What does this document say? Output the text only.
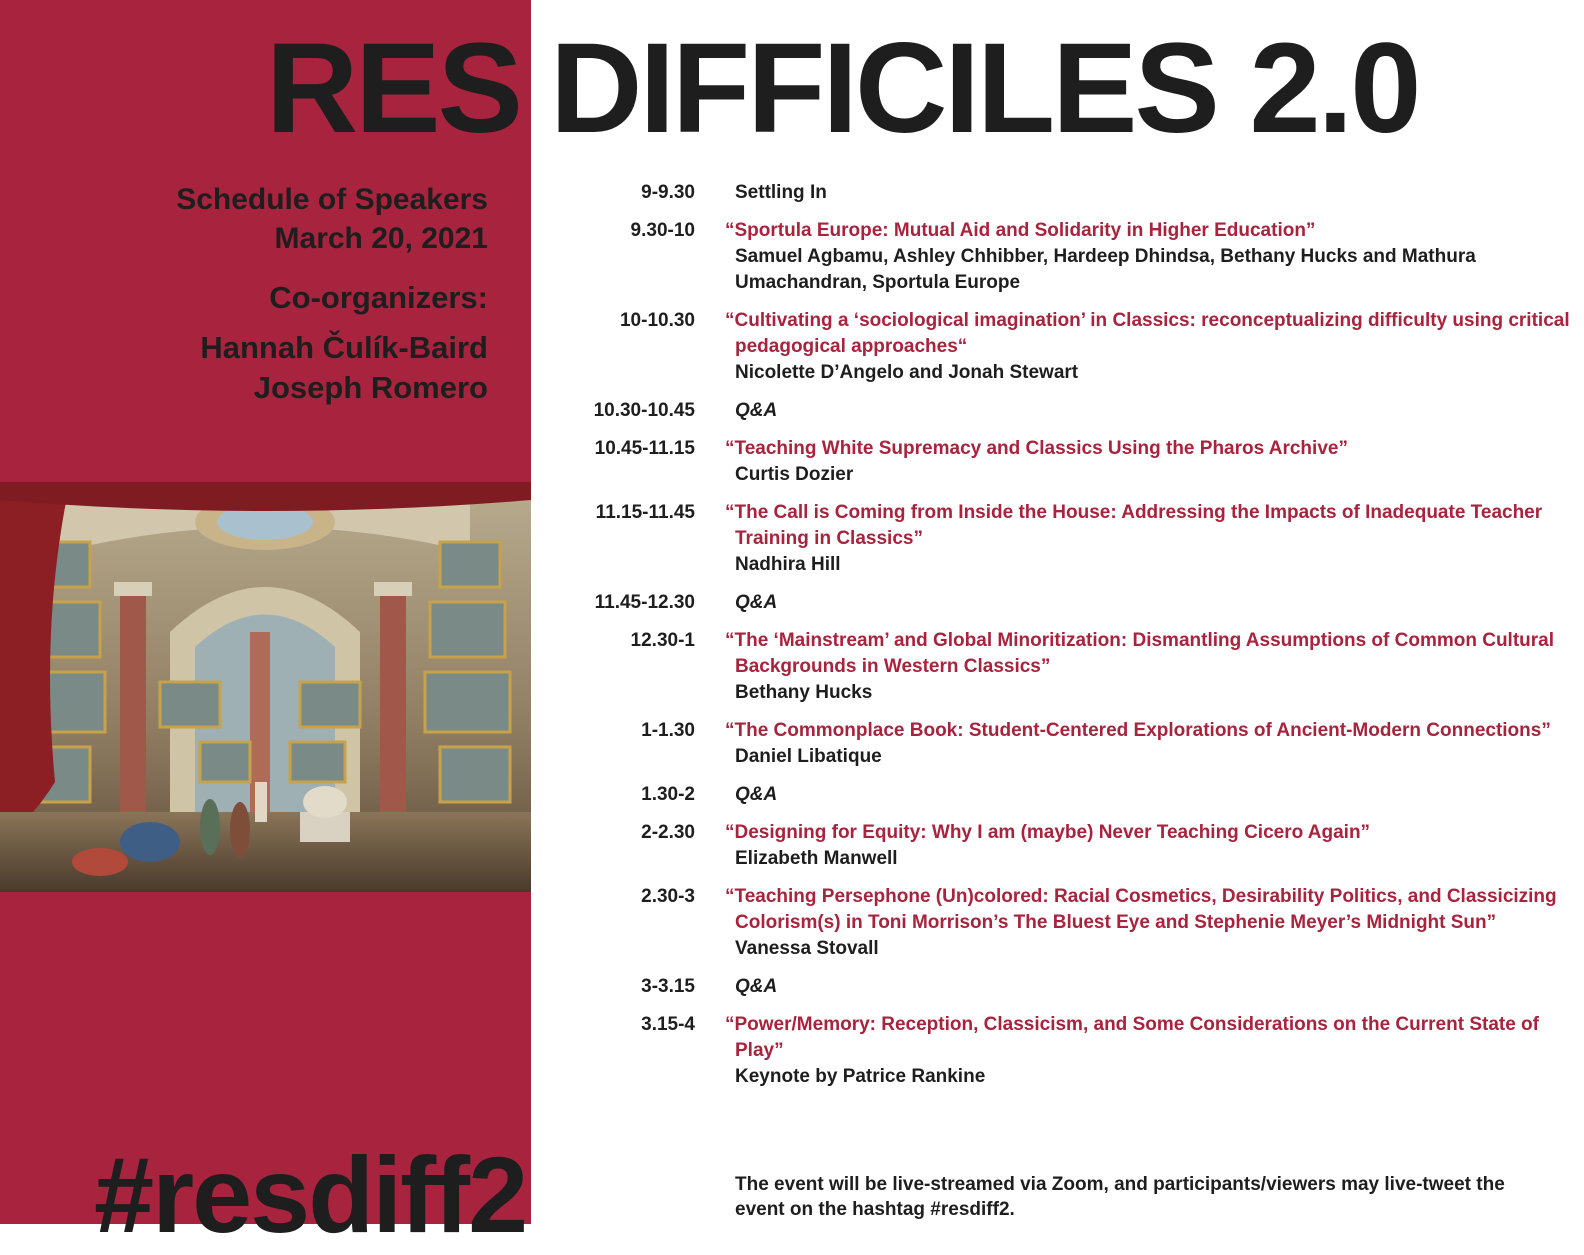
RES DIFFICILES 2.0
Schedule of Speakers
March 20, 2021
Co-organizers:
Hannah Čulík-Baird
Joseph Romero
#resdiff2
9-9.30 Settling In
9.30-10 “Sportula Europe: Mutual Aid and Solidarity in Higher Education”
Samuel Agbamu, Ashley Chhibber, Hardeep Dhindsa, Bethany Hucks and Mathura Umachandran, Sportula Europe
10-10.30 “Cultivating a ‘sociological imagination’ in Classics: reconceptualizing difficulty using critical pedagogical approaches“
Nicolette D’Angelo and Jonah Stewart
10.30-10.45 Q&A
10.45-11.15 “Teaching White Supremacy and Classics Using the Pharos Archive”
Curtis Dozier
11.15-11.45 “The Call is Coming from Inside the House: Addressing the Impacts of Inadequate Teacher Training in Classics”
Nadhira Hill
11.45-12.30 Q&A
12.30-1 “The ‘Mainstream’ and Global Minoritization: Dismantling Assumptions of Common Cultural Backgrounds in Western Classics”
Bethany Hucks
1-1.30 “The Commonplace Book: Student-Centered Explorations of Ancient-Modern Connections”
Daniel Libatique
1.30-2 Q&A
2-2.30 “Designing for Equity: Why I am (maybe) Never Teaching Cicero Again”
Elizabeth Manwell
2.30-3 “Teaching Persephone (Un)colored: Racial Cosmetics, Desirability Politics, and Classicizing Colorism(s) in Toni Morrison’s The Bluest Eye and Stephenie Meyer’s Midnight Sun”
Vanessa Stovall
3-3.15 Q&A
3.15-4 “Power/Memory: Reception, Classicism, and Some Considerations on the Current State of Play”
Keynote by Patrice Rankine
The event will be live-streamed via Zoom, and participants/viewers may live-tweet the event on the hashtag #resdiff2.
